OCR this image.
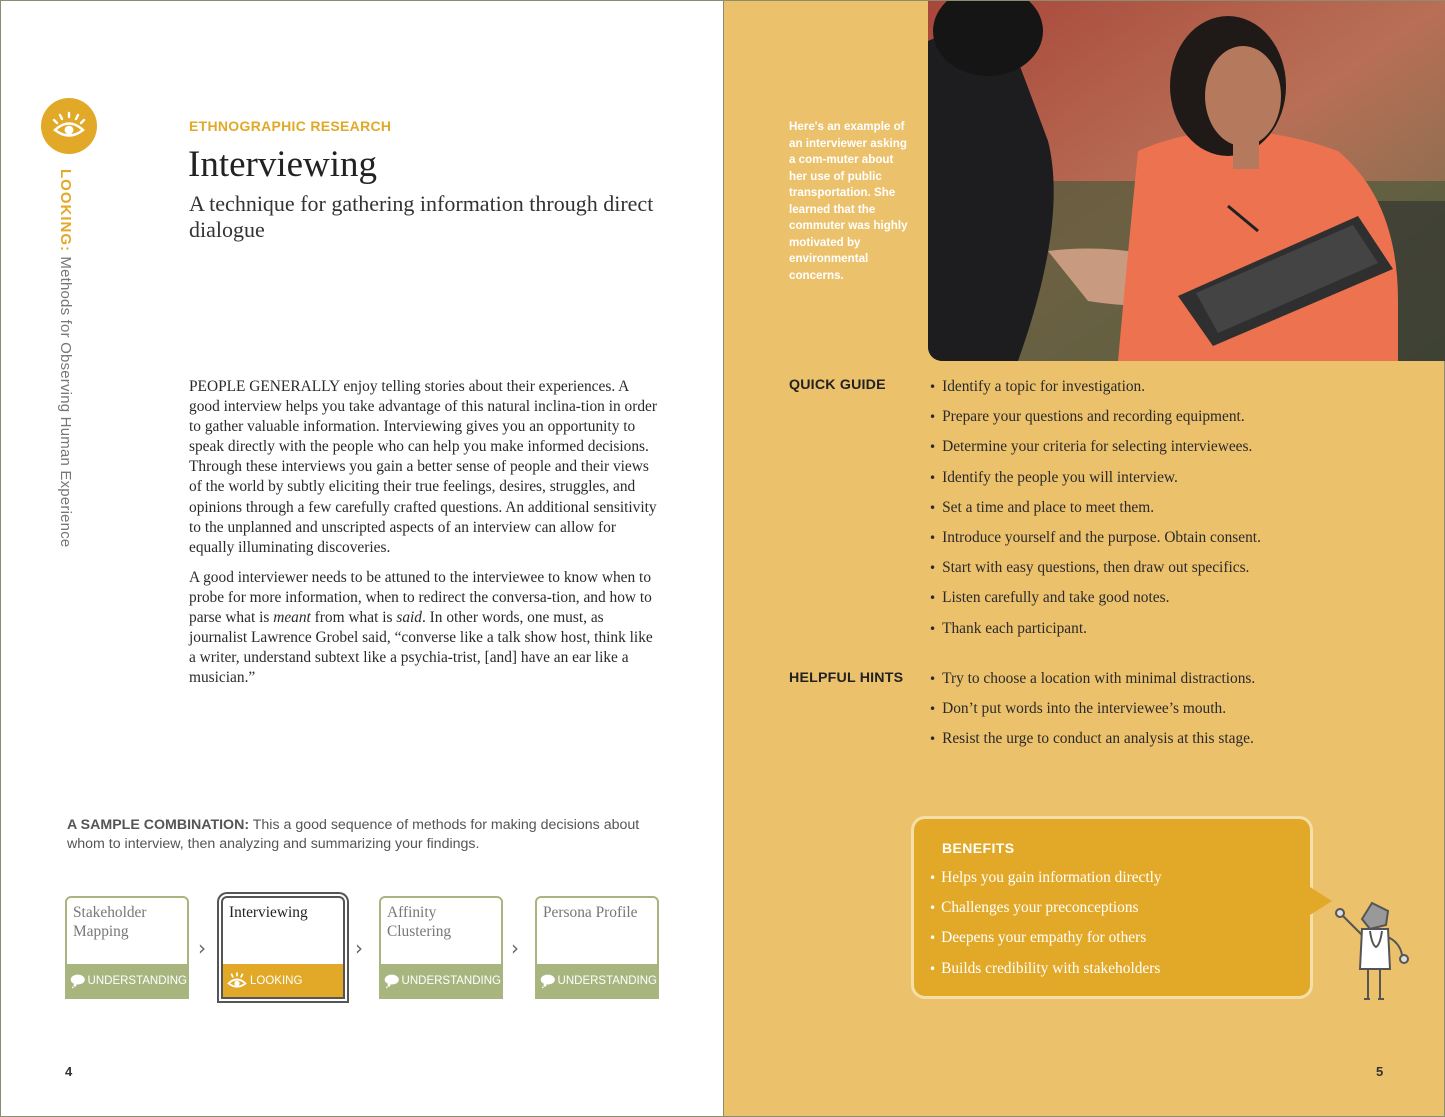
LOOKING: Methods for Observing Human Experience
ETHNOGRAPHIC RESEARCH
Interviewing
A technique for gathering information through direct dialogue

PEOPLE GENERALLY enjoy telling stories about their experiences. A good interview helps you take advantage of this natural inclina-tion in order to gather valuable information. Interviewing gives you an opportunity to speak directly with the people who can help you make informed decisions. Through these interviews you gain a better sense of people and their views of the world by subtly eliciting their true feelings, desires, struggles, and opinions through a few carefully crafted questions. An additional sensitivity to the unplanned and unscripted aspects of an interview can allow for equally illuminating discoveries.

A good interviewer needs to be attuned to the interviewee to know when to probe for more information, when to redirect the conversa-tion, and how to parse what is meant from what is said. In other words, one must, as journalist Lawrence Grobel said, “converse like a talk show host, think like a writer, understand subtext like a psychia-trist, [and] have an ear like a musician.”

A SAMPLE COMBINATION: This a good sequence of methods for making decisions about whom to interview, then analyzing and summarizing your findings.
Stakeholder Mapping
UNDERSTANDING
›
Interviewing
LOOKING
›
Affinity Clustering
UNDERSTANDING
›
Persona Profile
UNDERSTANDING
4
Here's an example of an interviewer asking a com-muter about her use of public transportation. She learned that the commuter was highly motivated by environmental concerns.
QUICK GUIDE	• Identify a topic for investigation.
• Prepare your questions and recording equipment.
• Determine your criteria for selecting interviewees.
• Identify the people you will interview.
• Set a time and place to meet them.
• Introduce yourself and the purpose. Obtain consent.
• Start with easy questions, then draw out specifics.
• Listen carefully and take good notes.
• Thank each participant.
HELPFUL HINTS	• Try to choose a location with minimal distractions.
• Don’t put words into the interviewee’s mouth.
• Resist the urge to conduct an analysis at this stage.
BENEFITS
• Helps you gain information directly
• Challenges your preconceptions
• Deepens your empathy for others
• Builds credibility with stakeholders
5
